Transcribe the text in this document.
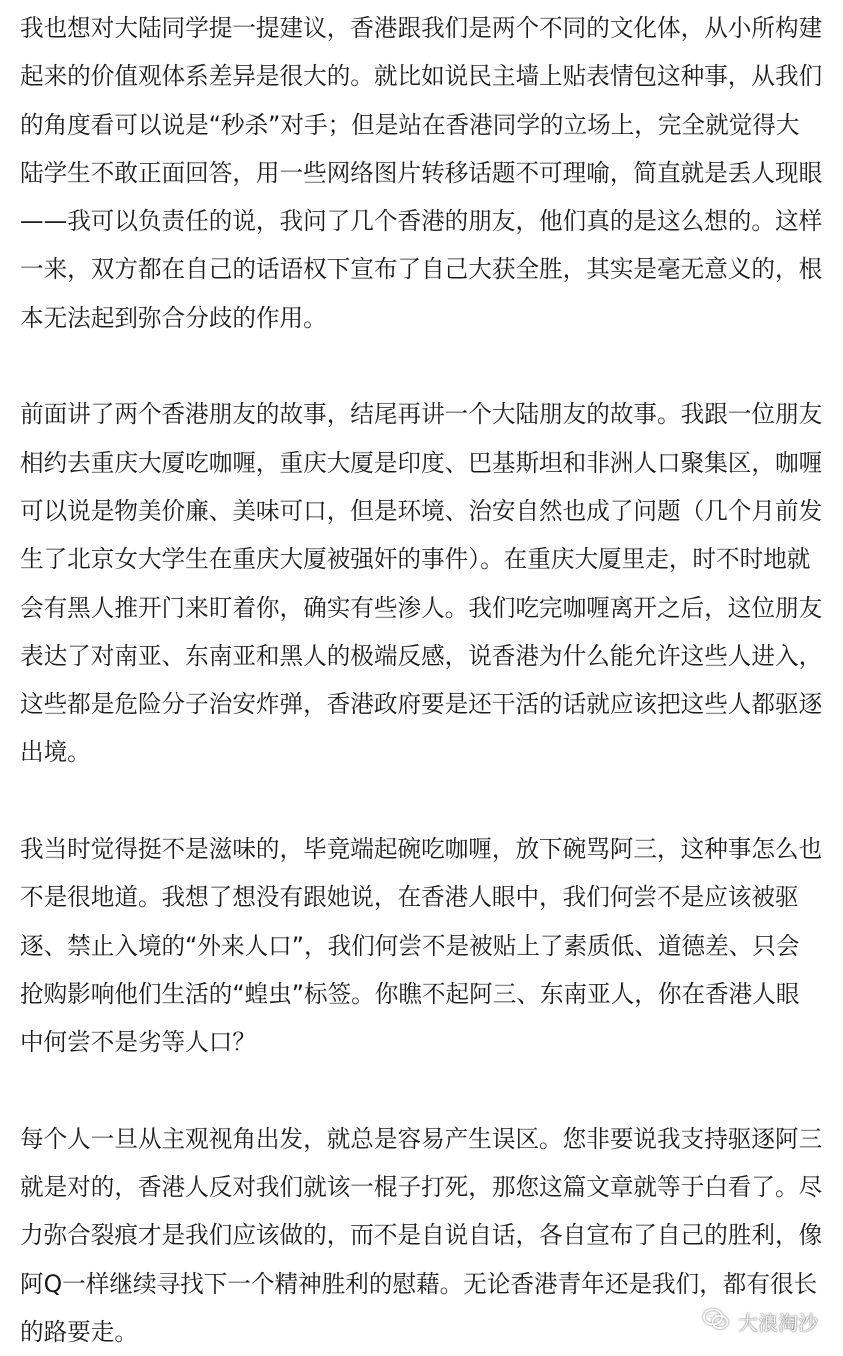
我也想对大陆同学提一提建议，香港跟我们是两个不同的文化体，从小所构建
起来的价值观体系差异是很大的。就比如说民主墙上贴表情包这种事，从我们
的角度看可以说是“秒杀”对手；但是站在香港同学的立场上，完全就觉得大
陆学生不敢正面回答，用一些网络图片转移话题不可理喻，简直就是丢人现眼
——我可以负责任的说，我问了几个香港的朋友，他们真的是这么想的。这样
一来，双方都在自己的话语权下宣布了自己大获全胜，其实是毫无意义的，根
本无法起到弥合分歧的作用。
前面讲了两个香港朋友的故事，结尾再讲一个大陆朋友的故事。我跟一位朋友
相约去重庆大厦吃咖喱，重庆大厦是印度、巴基斯坦和非洲人口聚集区，咖喱
可以说是物美价廉、美味可口，但是环境、治安自然也成了问题（几个月前发
生了北京女大学生在重庆大厦被强奸的事件）。在重庆大厦里走，时不时地就
会有黑人推开门来盯着你，确实有些渗人。我们吃完咖喱离开之后，这位朋友
表达了对南亚、东南亚和黑人的极端反感，说香港为什么能允许这些人进入，
这些都是危险分子治安炸弹，香港政府要是还干活的话就应该把这些人都驱逐
出境。
我当时觉得挺不是滋味的，毕竟端起碗吃咖喱，放下碗骂阿三，这种事怎么也
不是很地道。我想了想没有跟她说，在香港人眼中，我们何尝不是应该被驱
逐、禁止入境的“外来人口”，我们何尝不是被贴上了素质低、道德差、只会
抢购影响他们生活的“蝗虫”标签。你瞧不起阿三、东南亚人，你在香港人眼
中何尝不是劣等人口？
每个人一旦从主观视角出发，就总是容易产生误区。您非要说我支持驱逐阿三
就是对的，香港人反对我们就该一棍子打死，那您这篇文章就等于白看了。尽
力弥合裂痕才是我们应该做的，而不是自说自话，各自宣布了自己的胜利，像
阿Q一样继续寻找下一个精神胜利的慰藉。无论香港青年还是我们，都有很长
的路要走。	大浪淘沙
